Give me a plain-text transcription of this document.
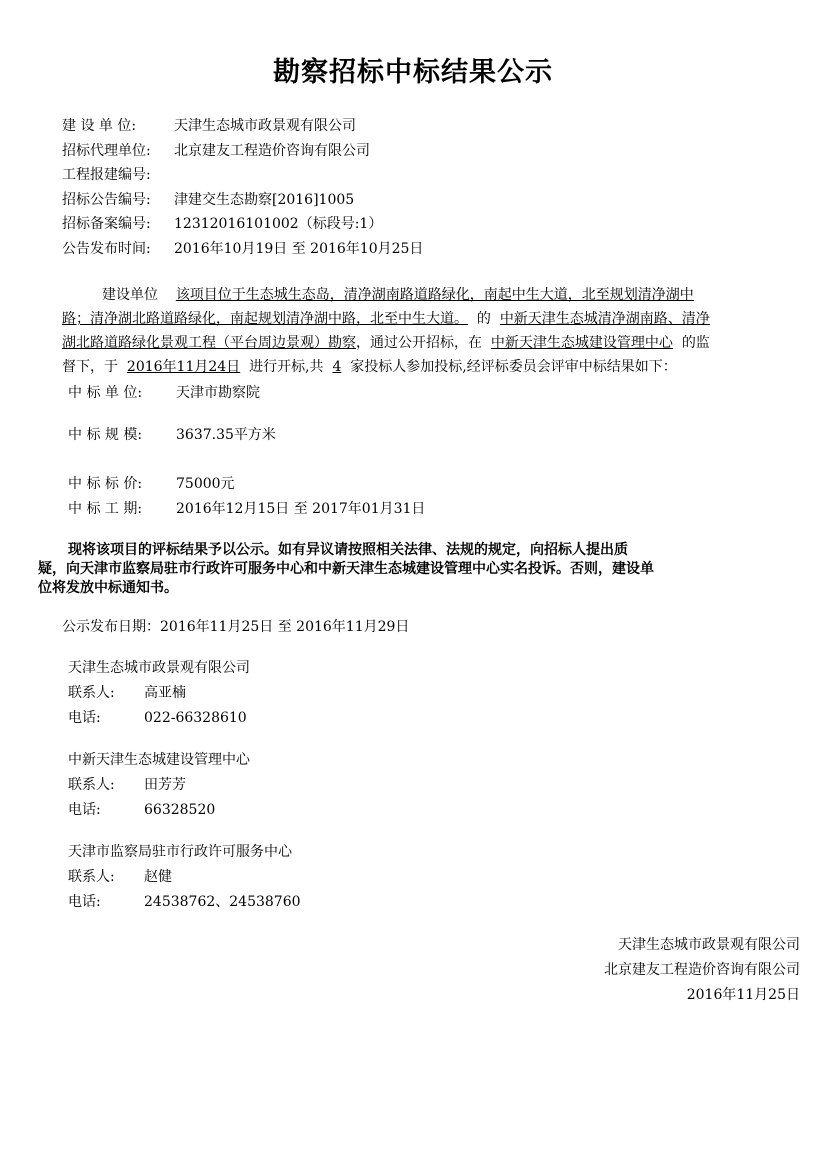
勘察招标中标结果公示
建 设 单 位:	天津生态城市政景观有限公司
招标代理单位: 北京建友工程造价咨询有限公司
工程报建编号:
招标公告编号: 津建交生态勘察[2016]1005
招标备案编号: 12312016101002（标段号:1）
公告发布时间: 2016年10月19日 至 2016年10月25日
建设单位 该项目位于生态城生态岛，清净湖南路道路绿化，南起中生大道，北至规划清净湖中
路；清净湖北路道路绿化，南起规划清净湖中路，北至中生大道。 的 中新天津生态城清净湖南路、清净
湖北路道路绿化景观工程（平台周边景观）勘察，通过公开招标，在 中新天津生态城建设管理中心 的监
督下，于 2016年11月24日 进行开标,共 4 家投标人参加投标,经评标委员会评审中标结果如下：
中 标 单 位: 天津市勘察院
中 标 规 模: 3637.35平方米
中 标 标 价: 75000元
中 标 工 期: 2016年12月15日 至 2017年01月31日
现将该项目的评标结果予以公示。如有异议请按照相关法律、法规的规定，向招标人提出质
疑，向天津市监察局驻市行政许可服务中心和中新天津生态城建设管理中心实名投诉。否则，建设单
位将发放中标通知书。
公示发布日期：2016年11月25日 至 2016年11月29日
天津生态城市政景观有限公司
联系人: 高亚楠
电话:	022-66328610
中新天津生态城建设管理中心
联系人: 田芳芳
电话:	66328520
天津市监察局驻市行政许可服务中心
联系人: 赵健
电话:	24538762、24538760
天津生态城市政景观有限公司
北京建友工程造价咨询有限公司
2016年11月25日
